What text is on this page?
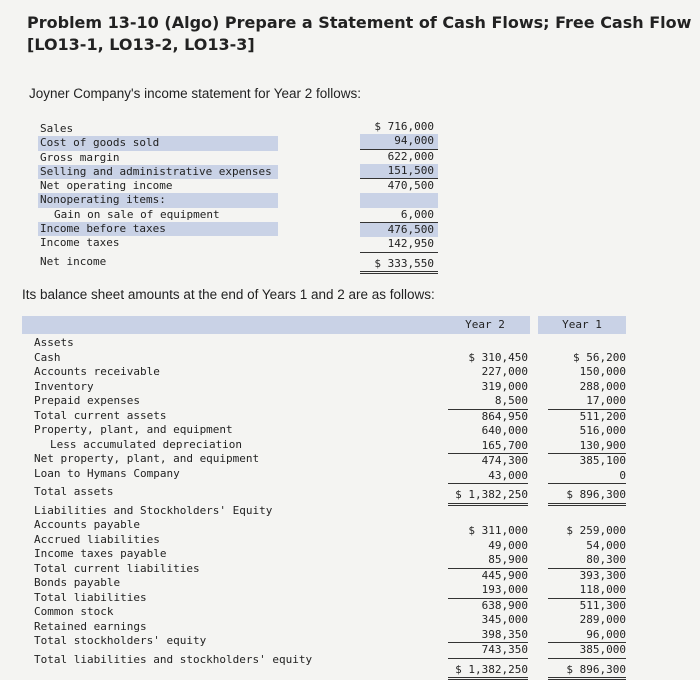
Problem 13-10 (Algo) Prepare a Statement of Cash Flows; Free Cash Flow [LO13-1, LO13-2, LO13-3]
Joyner Company's income statement for Year 2 follows:
Sales
Cost of goods sold
Gross margin
Selling and administrative expenses
Net operating income
Nonoperating items:
Gain on sale of equipment
Income before taxes
Income taxes
Net income
$ 716,000
94,000
622,000
151,500
470,500
6,000
476,500
142,950
$ 333,550
Its balance sheet amounts at the end of Years 1 and 2 are as follows:
Year 2	Year 1
Assets
Cash
Accounts receivable
Inventory
Prepaid expenses
Total current assets
Property, plant, and equipment
Less accumulated depreciation
Net property, plant, and equipment
Loan to Hymans Company
Total assets
Liabilities and Stockholders' Equity
Accounts payable
Accrued liabilities
Income taxes payable
Total current liabilities
Bonds payable
Total liabilities
Common stock
Retained earnings
Total stockholders' equity
Total liabilities and stockholders' equity
$ 310,450
227,000
319,000
8,500
864,950
640,000
165,700
474,300
43,000
$ 1,382,250
$ 311,000
49,000
85,900
445,900
193,000
638,900
345,000
398,350
743,350
$ 1,382,250
$ 56,200
150,000
288,000
17,000
511,200
516,000
130,900
385,100
0
$ 896,300
$ 259,000
54,000
80,300
393,300
118,000
511,300
289,000
96,000
385,000
$ 896,300
